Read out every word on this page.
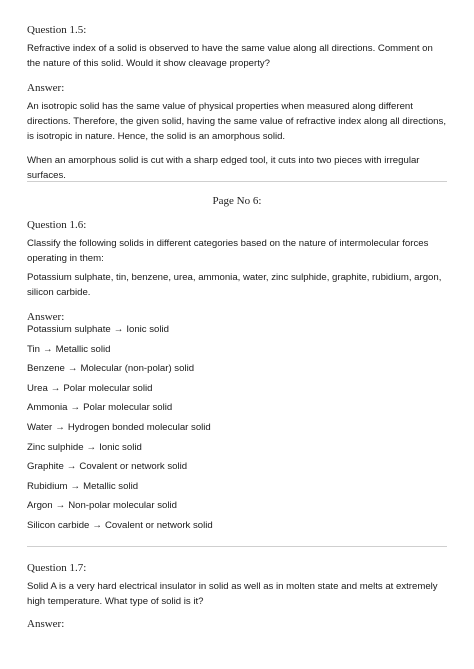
Question 1.5:

Refractive index of a solid is observed to have the same value along all directions. Comment on the nature of this solid. Would it show cleavage property?

Answer:

An isotropic solid has the same value of physical properties when measured along different directions. Therefore, the given solid, having the same value of refractive index along all directions, is isotropic in nature. Hence, the solid is an amorphous solid.

When an amorphous solid is cut with a sharp edged tool, it cuts into two pieces with irregular surfaces.

Page No 6:
Question 1.6:

Classify the following solids in different categories based on the nature of intermolecular forces operating in them:

Potassium sulphate, tin, benzene, urea, ammonia, water, zinc sulphide, graphite, rubidium, argon, silicon carbide.

Answer:
Potassium sulphate → Ionic solid
Tin → Metallic solid
Benzene → Molecular (non-polar) solid
Urea → Polar molecular solid
Ammonia → Polar molecular solid
Water → Hydrogen bonded molecular solid
Zinc sulphide → Ionic solid
Graphite → Covalent or network solid
Rubidium → Metallic solid
Argon → Non-polar molecular solid
Silicon carbide → Covalent or network solid
Question 1.7:

Solid A is a very hard electrical insulator in solid as well as in molten state and melts at extremely high temperature. What type of solid is it?

Answer:
